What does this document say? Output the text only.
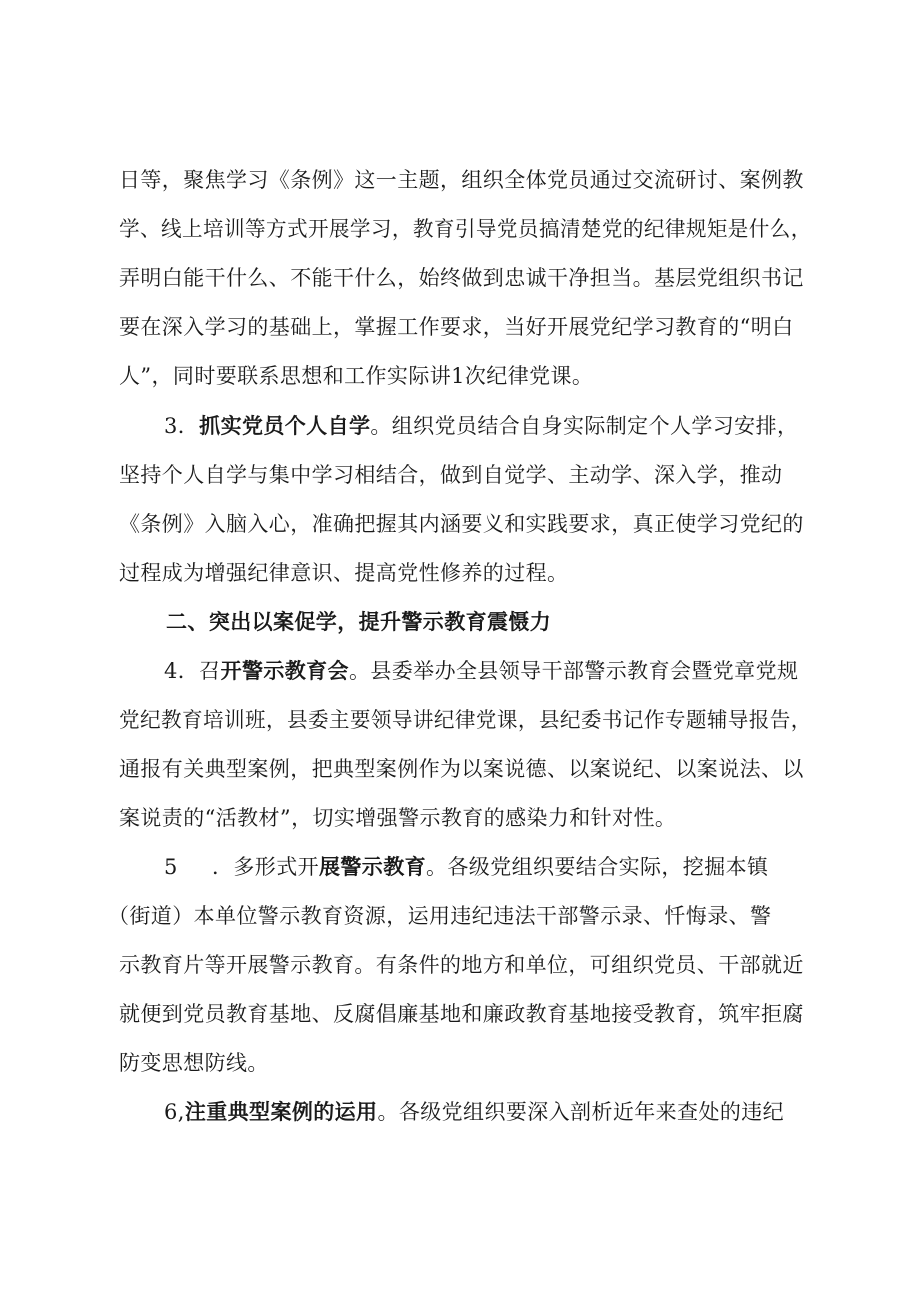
日等，聚焦学习《条例》这一主题，组织全体党员通过交流研讨、案例教
学、线上培训等方式开展学习，教育引导党员搞清楚党的纪律规矩是什么，
弄明白能干什么、不能干什么，始终做到忠诚干净担当。基层党组织书记
要在深入学习的基础上，掌握工作要求，当好开展党纪学习教育的“明白
人”，同时要联系思想和工作实际讲1次纪律党课。
3．抓实党员个人自学。组织党员结合自身实际制定个人学习安排，
坚持个人自学与集中学习相结合，做到自觉学、主动学、深入学，推动
《条例》入脑入心，准确把握其内涵要义和实践要求，真正使学习党纪的
过程成为增强纪律意识、提高党性修养的过程。
二、突出以案促学，提升警示教育震慑力
4．召开警示教育会。县委举办全县领导干部警示教育会暨党章党规
党纪教育培训班，县委主要领导讲纪律党课，县纪委书记作专题辅导报告，
通报有关典型案例，把典型案例作为以案说德、以案说纪、以案说法、以
案说责的“活教材”，切实增强警示教育的感染力和针对性。
5 ．多形式开展警示教育。各级党组织要结合实际，挖掘本镇
（街道）本单位警示教育资源，运用违纪违法干部警示录、忏悔录、警
示教育片等开展警示教育。有条件的地方和单位，可组织党员、干部就近
就便到党员教育基地、反腐倡廉基地和廉政教育基地接受教育，筑牢拒腐
防变思想防线。
6,注重典型案例的运用。各级党组织要深入剖析近年来查处的违纪
